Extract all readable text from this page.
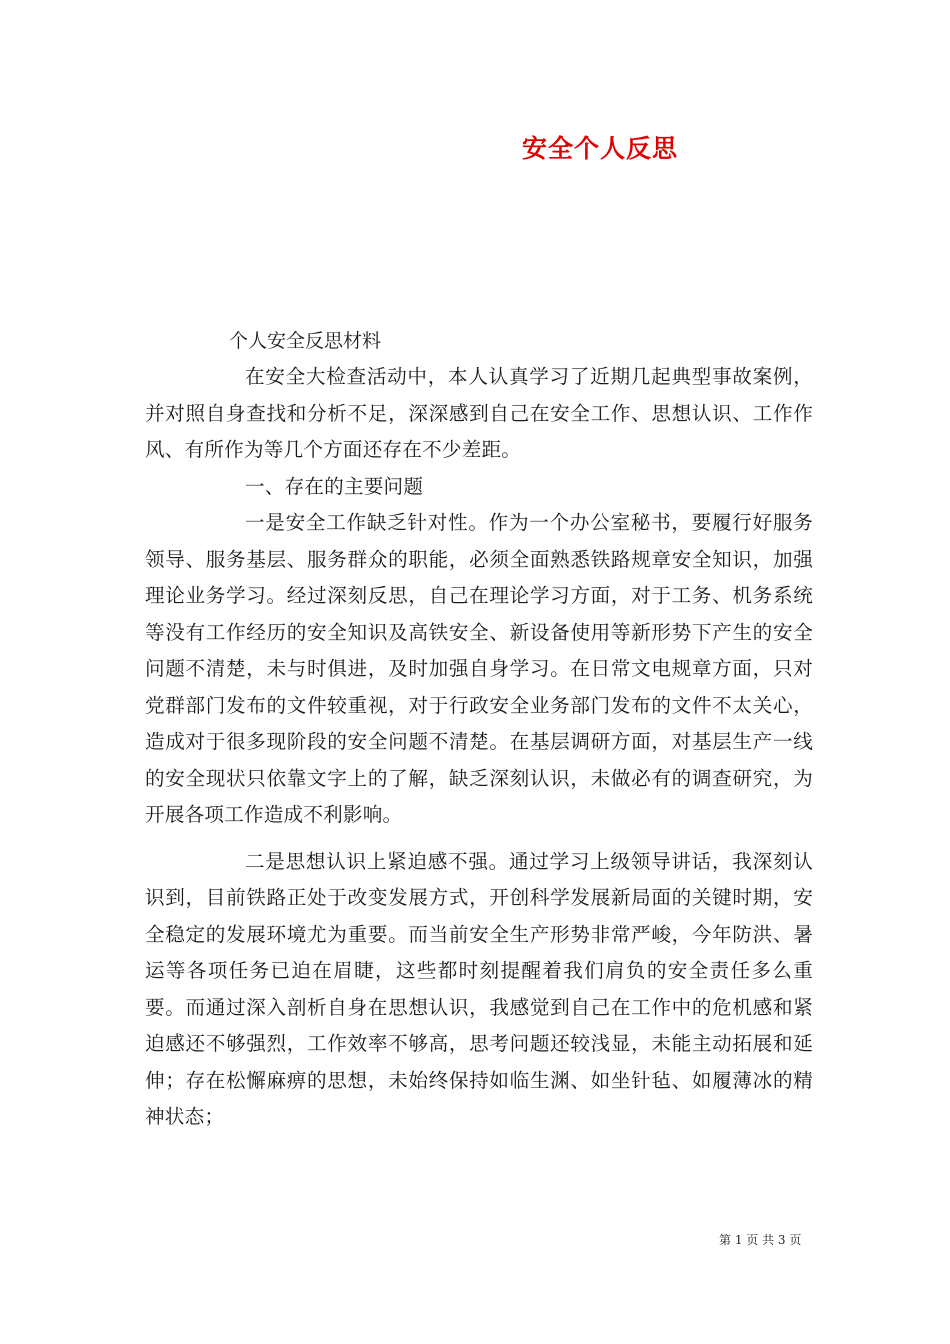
安全个人反思

个人安全反思材料

在安全大检查活动中，本人认真学习了近期几起典型事故案例，并对照自身查找和分析不足，深深感到自己在安全工作、思想认识、工作作风、有所作为等几个方面还存在不少差距。

一、存在的主要问题

一是安全工作缺乏针对性。作为一个办公室秘书，要履行好服务领导、服务基层、服务群众的职能，必须全面熟悉铁路规章安全知识，加强理论业务学习。经过深刻反思，自己在理论学习方面，对于工务、机务系统等没有工作经历的安全知识及高铁安全、新设备使用等新形势下产生的安全问题不清楚，未与时俱进，及时加强自身学习。在日常文电规章方面，只对党群部门发布的文件较重视，对于行政安全业务部门发布的文件不太关心，造成对于很多现阶段的安全问题不清楚。在基层调研方面，对基层生产一线的安全现状只依靠文字上的了解，缺乏深刻认识，未做必有的调查研究，为开展各项工作造成不利影响。

二是思想认识上紧迫感不强。通过学习上级领导讲话，我深刻认识到，目前铁路正处于改变发展方式，开创科学发展新局面的关键时期，安全稳定的发展环境尤为重要。而当前安全生产形势非常严峻，今年防洪、暑运等各项任务已迫在眉睫，这些都时刻提醒着我们肩负的安全责任多么重要。而通过深入剖析自身在思想认识，我感觉到自己在工作中的危机感和紧迫感还不够强烈，工作效率不够高，思考问题还较浅显，未能主动拓展和延伸；存在松懈麻痹的思想，未始终保持如临生渊、如坐针毡、如履薄冰的精神状态；

第 1 页 共 3 页
